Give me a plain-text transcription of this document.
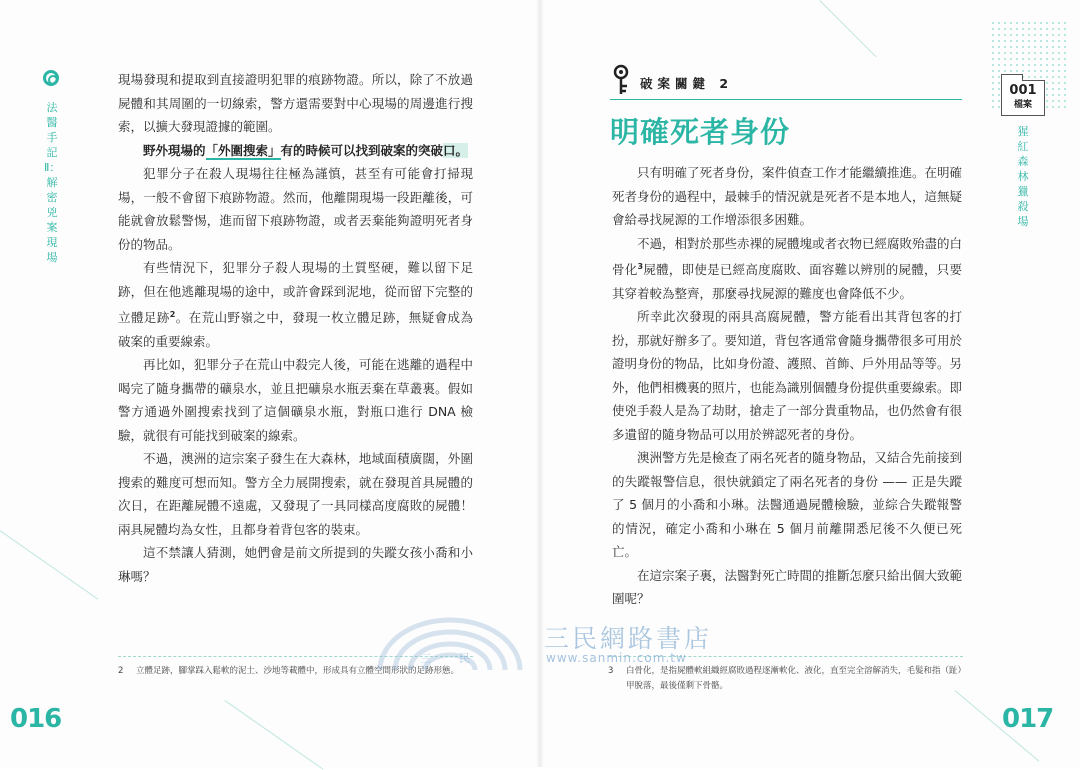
法醫手記Ⅱ：解密兇案現場

現場發現和提取到直接證明犯罪的痕跡物證。所以，除了不放過屍體和其周圍的一切線索，警方還需要對中心現場的周邊進行搜索，以擴大發現證據的範圍。

野外現場的「外圍搜索」有的時候可以找到破案的突破口。

犯罪分子在殺人現場往往極為謹慎，甚至有可能會打掃現場，一般不會留下痕跡物證。然而，他離開現場一段距離後，可能就會放鬆警惕，進而留下痕跡物證，或者丟棄能夠證明死者身份的物品。

有些情況下，犯罪分子殺人現場的土質堅硬，難以留下足跡，但在他逃離現場的途中，或許會踩到泥地，從而留下完整的立體足跡$^2$。在荒山野嶺之中，發現一枚立體足跡，無疑會成為破案的重要線索。

再比如，犯罪分子在荒山中殺完人後，可能在逃離的過程中喝完了隨身攜帶的礦泉水，並且把礦泉水瓶丟棄在草叢裏。假如警方通過外圍搜索找到了這個礦泉水瓶，對瓶口進行 DNA 檢驗，就很有可能找到破案的線索。

不過，澳洲的這宗案子發生在大森林，地域面積廣闊，外圍搜索的難度可想而知。警方全力展開搜索，就在發現首具屍體的次日，在距離屍體不遠處，又發現了一具同樣高度腐敗的屍體！兩具屍體均為女性，且都身着背包客的裝束。

這不禁讓人猜測，她們會是前文所提到的失蹤女孩小喬和小琳嗎？

2 立體足跡，腳掌踩入鬆軟的泥土、沙地等載體中，形成具有立體空間形狀的足跡形態。
016
破案關鍵 2
明確死者身份

只有明確了死者身份，案件偵查工作才能繼續推進。在明確死者身份的過程中，最棘手的情況就是死者不是本地人，這無疑會給尋找屍源的工作增添很多困難。

不過，相對於那些赤裸的屍體塊或者衣物已經腐敗殆盡的白骨化$^3$屍體，即使是已經高度腐敗、面容難以辨別的屍體，只要其穿着較為整齊，那麼尋找屍源的難度也會降低不少。

所幸此次發現的兩具高腐屍體，警方能看出其背包客的打扮，那就好辦多了。要知道，背包客通常會隨身攜帶很多可用於證明身份的物品，比如身份證、護照、首飾、戶外用品等等。另外，他們相機裏的照片，也能為識別個體身份提供重要線索。即使兇手殺人是為了劫財，搶走了一部分貴重物品，也仍然會有很多遺留的隨身物品可以用於辨認死者的身份。

澳洲警方先是檢查了兩名死者的隨身物品，又結合先前接到的失蹤報警信息，很快就鎖定了兩名死者的身份 —— 正是失蹤了 5 個月的小喬和小琳。法醫通過屍體檢驗，並綜合失蹤報警的情況，確定小喬和小琳在 5 個月前離開悉尼後不久便已死亡。

在這宗案子裏，法醫對死亡時間的推斷怎麼只給出個大致範圍呢？

001
檔案
猩紅森林獵殺場
3 白骨化，是指屍體軟組織經腐敗過程逐漸軟化、液化，直至完全溶解消失，毛髮和指（趾）甲脫落，最後僅剩下骨骼。
017
三民網路書店
www.sanmin.com.tw
三民
